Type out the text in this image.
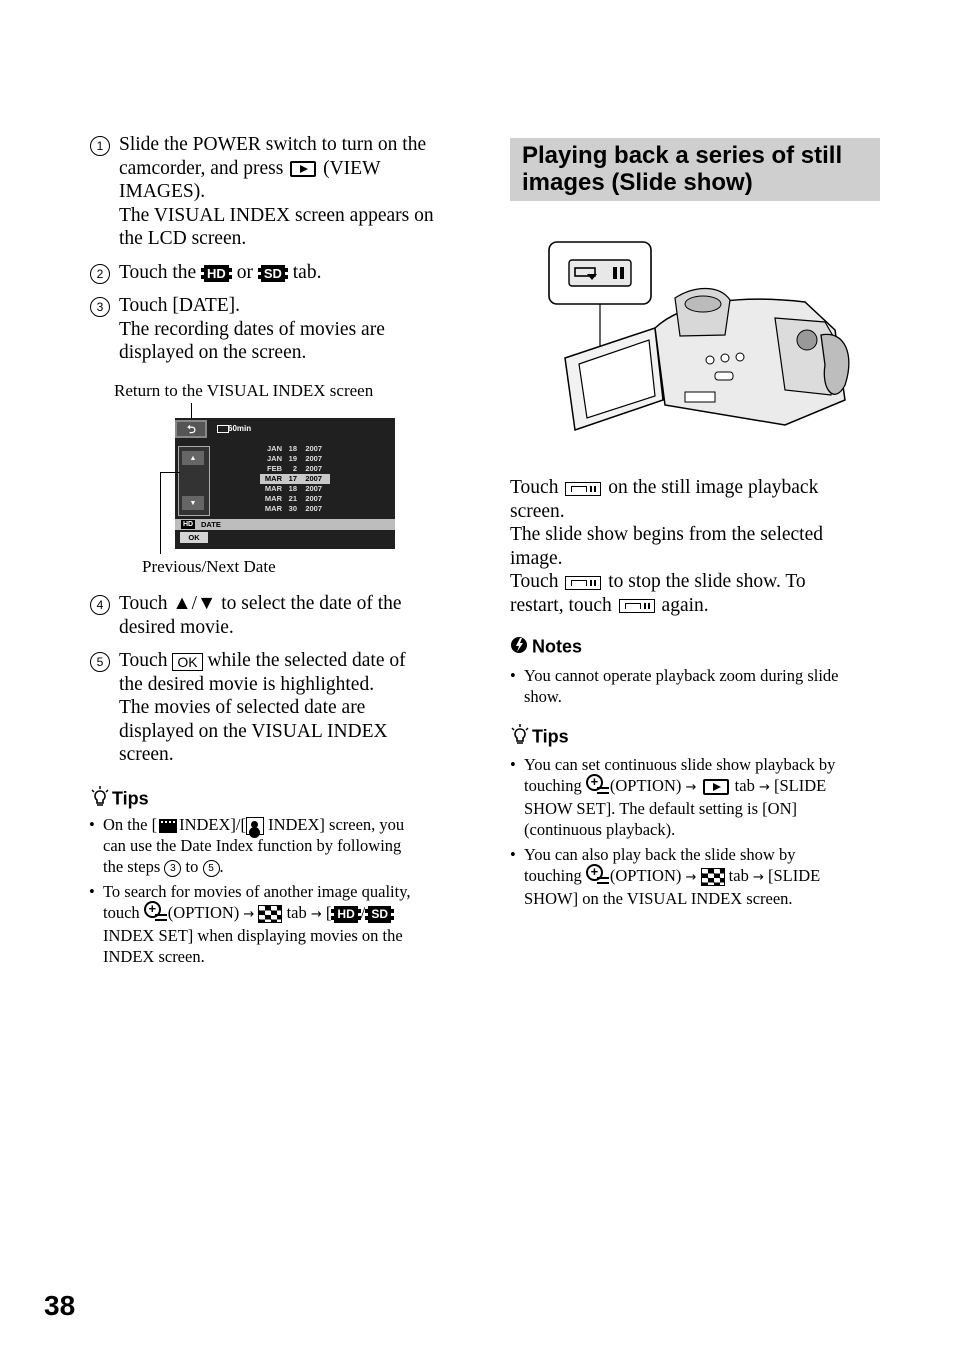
1 Slide the POWER switch to turn on the
camcorder, and press (VIEW
IMAGES).
The VISUAL INDEX screen appears on
the LCD screen.
2 Touch the HD or SD tab.
3 Touch [DATE].
The recording dates of movies are
displayed on the screen.
Return to the VISUAL INDEX screen
⮌	60min
▲
▼
JAN 18 2007
JAN 19 2007
FEB 2 2007
MAR 17 2007
MAR 18 2007
MAR 21 2007
MAR 30 2007
HD DATE
OK
Previous/Next Date
4 Touch ▲/▼ to select the date of the
desired movie.
5 Touch OK while the selected date of
the desired movie is highlighted.
The movies of selected date are
displayed on the VISUAL INDEX
screen.
Tips
• On the [ INDEX]/[ INDEX] screen, you
can use the Date Index function by following
the steps 3 to 5 .
• To search for movies of another image quality,
touch + (OPTION) → tab → [ HD / SD
INDEX SET] when displaying movies on the
INDEX screen.
Playing back a series of still
images (Slide show)
Touch	on the still image playback
screen.
The slide show begins from the selected
image.
Touch	to stop the slide show. To
restart, touch	again.
Notes
• You cannot operate playback zoom during slide
show.
Tips
• You can set continuous slide show playback by
touching + (OPTION) → tab → [SLIDE
SHOW SET]. The default setting is [ON]
(continuous playback).
• You can also play back the slide show by
touching + (OPTION) → tab → [SLIDE
SHOW] on the VISUAL INDEX screen.
38
